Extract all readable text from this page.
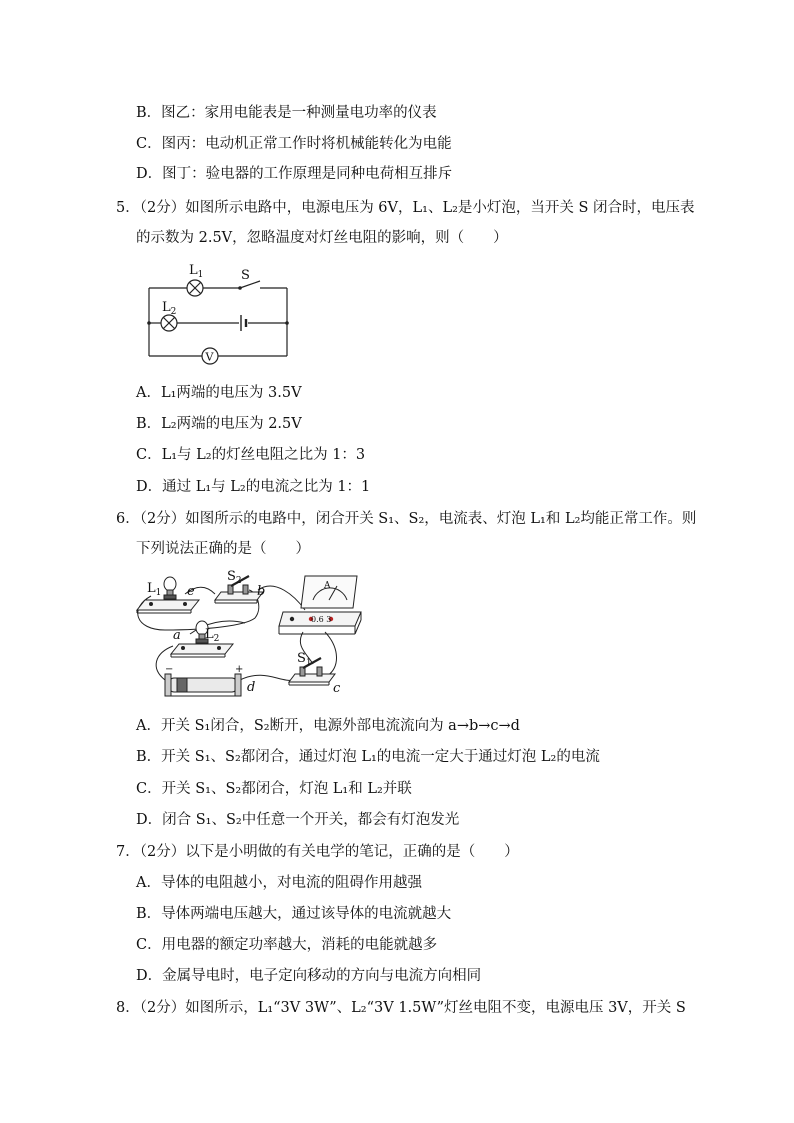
B．图乙：家用电能表是一种测量电功率的仪表
C．图丙：电动机正常工作时将机械能转化为电能
D．图丁：验电器的工作原理是同种电荷相互排斥
5．（2分）如图所示电路中，电源电压为 6V，L₁、L₂是小灯泡，当开关 S 闭合时，电压表
的示数为 2.5V，忽略温度对灯丝电阻的影响，则（　　）
$L_1$	S
$L_2$
V
A．L₁两端的电压为 3.5V
B．L₂两端的电压为 2.5V
C．L₁与 L₂的灯丝电阻之比为 1：3
D．通过 L₁与 L₂的电流之比为 1：1
6．（2分）如图所示的电路中，闭合开关 S₁、S₂，电流表、灯泡 L₁和 L₂均能正常工作。则
下列说法正确的是（　　）
$L_1$ e
$S_2$
b
a $L_2$
A
0.6 3
−	+
d
$S_1$
c
A．开关 S₁闭合，S₂断开，电源外部电流流向为 a→b→c→d
B．开关 S₁、S₂都闭合，通过灯泡 L₁的电流一定大于通过灯泡 L₂的电流
C．开关 S₁、S₂都闭合，灯泡 L₁和 L₂并联
D．闭合 S₁、S₂中任意一个开关，都会有灯泡发光
7．（2分）以下是小明做的有关电学的笔记，正确的是（　　）
A．导体的电阻越小，对电流的阻碍作用越强
B．导体两端电压越大，通过该导体的电流就越大
C．用电器的额定功率越大，消耗的电能就越多
D．金属导电时，电子定向移动的方向与电流方向相同
8．（2分）如图所示，L₁“3V 3W”、L₂“3V 1.5W”灯丝电阻不变，电源电压 3V，开关 S
